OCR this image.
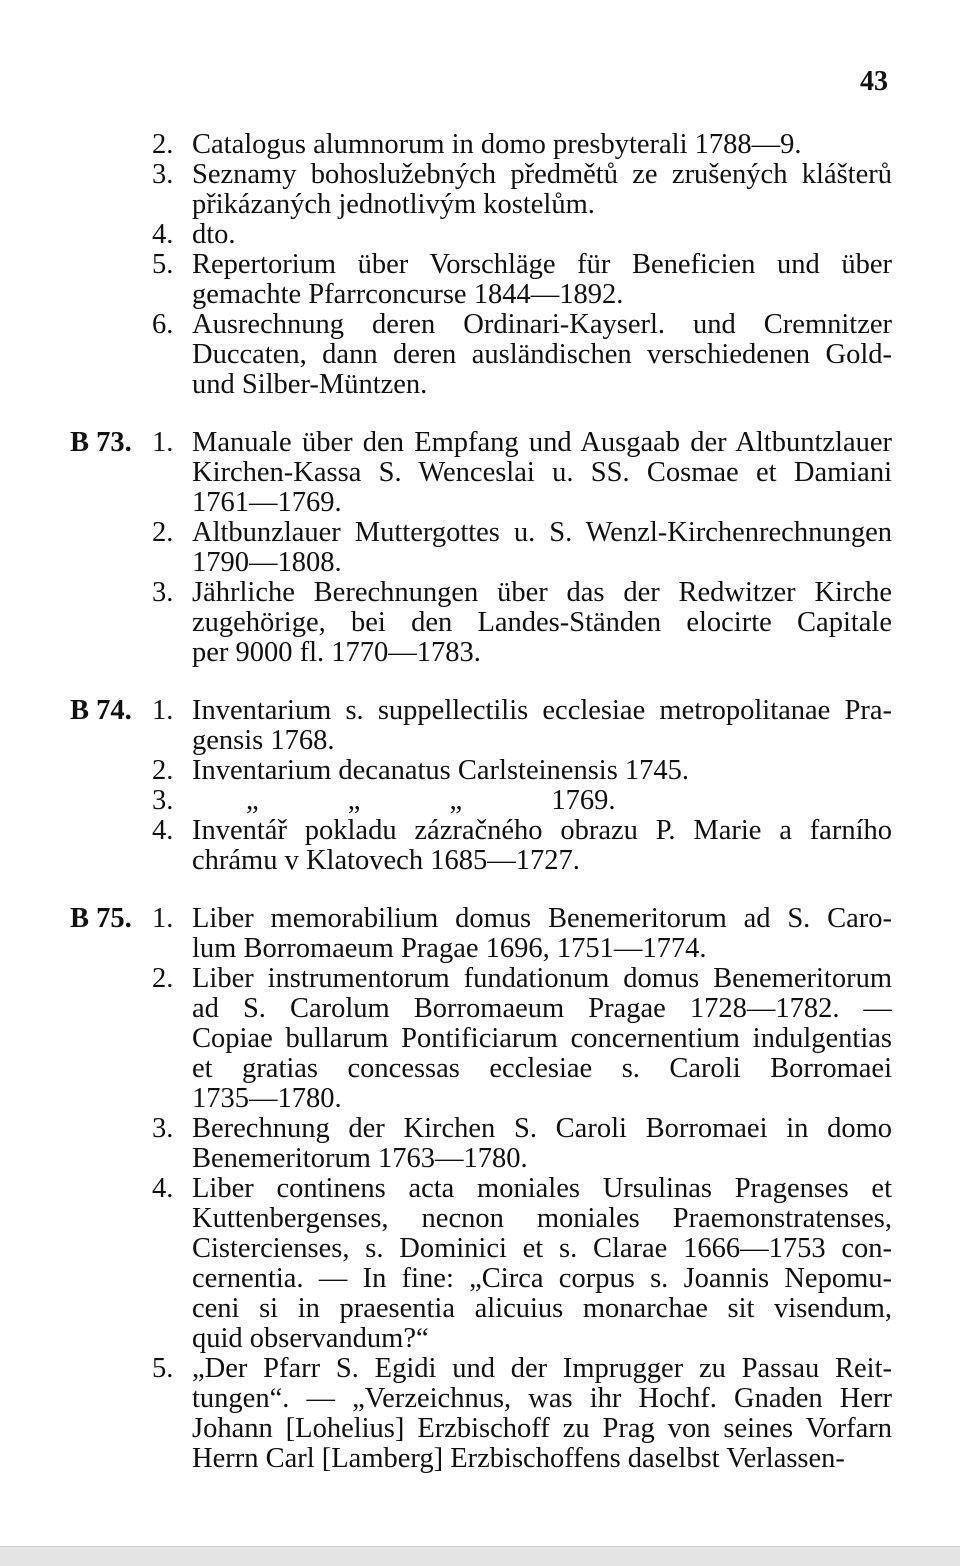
43
2. Catalogus alumnorum in domo presbyterali 1788—9.
3. Seznamy bohoslužebných předmětů ze zrušených klášterů
přikázaných jednotlivým kostelům.
4. dto.
5. Repertorium über Vorschläge für Beneficien und über
gemachte Pfarrconcurse 1844—1892.
6. Ausrechnung deren Ordinari-Kayserl. und Cremnitzer
Duccaten, dann deren ausländischen verschiedenen Gold-
und Silber-Müntzen.
B 73. 1. Manuale über den Empfang und Ausgaab der Altbuntzlauer
Kirchen-Kassa S. Wenceslai u. SS. Cosmae et Damiani
1761—1769.
2. Altbunzlauer Muttergottes u. S. Wenzl-Kirchenrechnungen
1790—1808.
3. Jährliche Berechnungen über das der Redwitzer Kirche
zugehörige, bei den Landes-Ständen elocirte Capitale
per 9000 fl. 1770—1783.
B 74. 1. Inventarium s. suppellectilis ecclesiae metropolitanae Pra-
gensis 1768.
2. Inventarium decanatus Carlsteinensis 1745.
3.	„ „ „ 1769.
4. Inventář pokladu zázračného obrazu P. Marie a farního
chrámu v Klatovech 1685—1727.
B 75. 1. Liber memorabilium domus Benemeritorum ad S. Caro-
lum Borromaeum Pragae 1696, 1751—1774.
2. Liber instrumentorum fundationum domus Benemeritorum
ad S. Carolum Borromaeum Pragae 1728—1782. —
Copiae bullarum Pontificiarum concernentium indulgentias
et gratias concessas ecclesiae s. Caroli Borromaei
1735—1780.
3. Berechnung der Kirchen S. Caroli Borromaei in domo
Benemeritorum 1763—1780.
4. Liber continens acta moniales Ursulinas Pragenses et
Kuttenbergenses, necnon moniales Praemonstratenses,
Cistercienses, s. Dominici et s. Clarae 1666—1753 con-
cernentia. — In fine: „Circa corpus s. Joannis Nepomu-
ceni si in praesentia alicuius monarchae sit visendum,
quid observandum?“
5. „Der Pfarr S. Egidi und der Imprugger zu Passau Reit-
tungen“. — „Verzeichnus, was ihr Hochf. Gnaden Herr
Johann [Lohelius] Erzbischoff zu Prag von seines Vorfarn
Herrn Carl [Lamberg] Erzbischoffens daselbst Verlassen-
